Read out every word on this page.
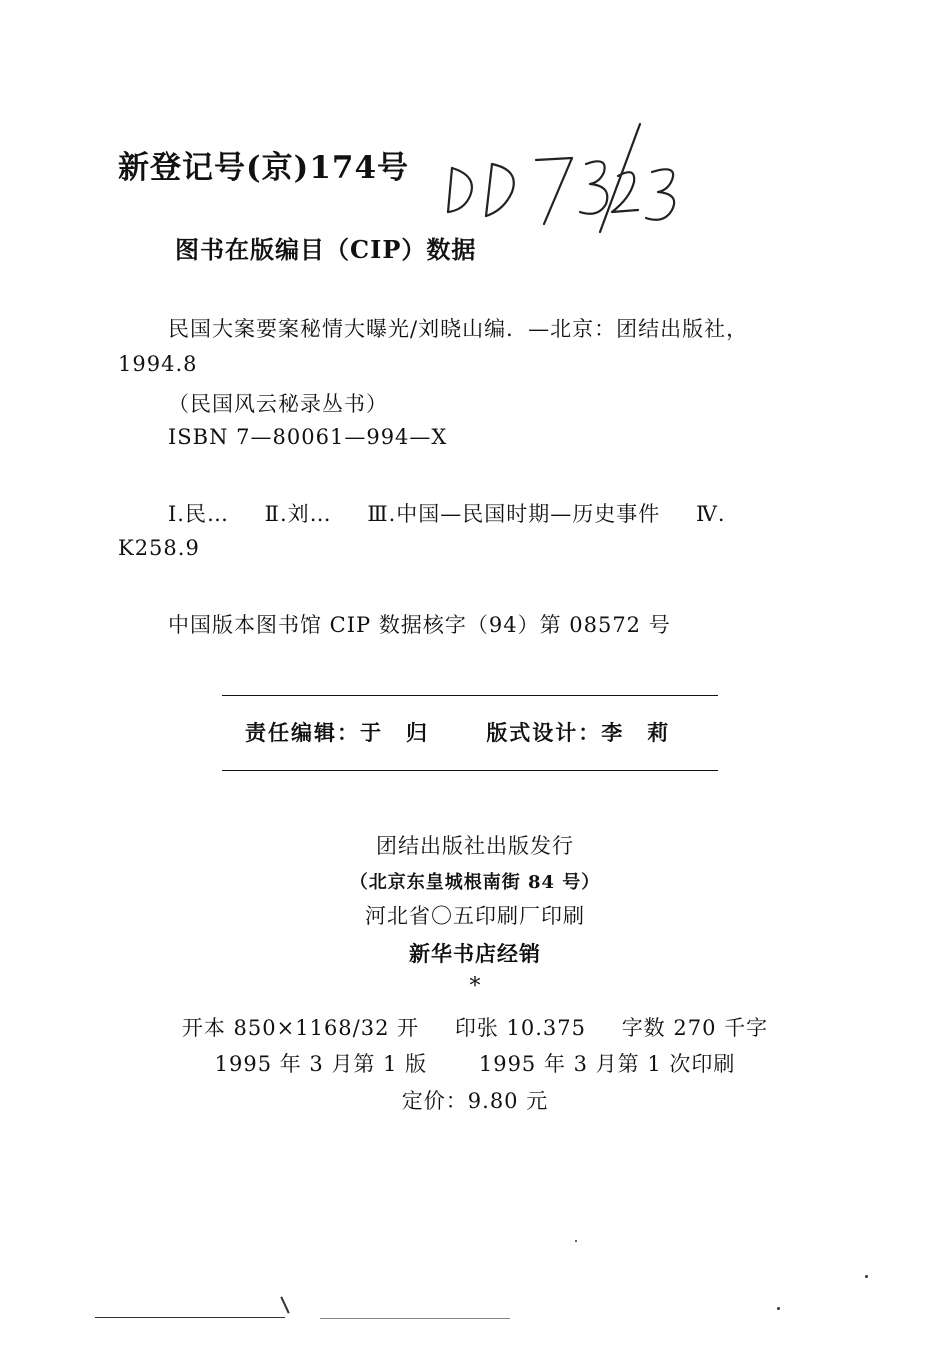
新登记号(京)174号
图书在版编目（CIP）数据
民国大案要案秘情大曝光/刘晓山编．—北京：团结出版社，
1994.8
（民国风云秘录丛书）
ISBN 7—80061—994—X
Ⅰ.民… Ⅱ.刘… Ⅲ.中国—民国时期—历史事件 Ⅳ.
K258.9
中国版本图书馆 CIP 数据核字（94）第 08572 号
责任编辑：于　归	版式设计：李　莉
团结出版社出版发行
（北京东皇城根南街 84 号）
河北省〇五印刷厂印刷
新华书店经销
*
开本 850×1168/32 开 印张 10.375 字数 270 千字
1995 年 3 月第 1 版 1995 年 3 月第 1 次印刷
定价：9.80 元
